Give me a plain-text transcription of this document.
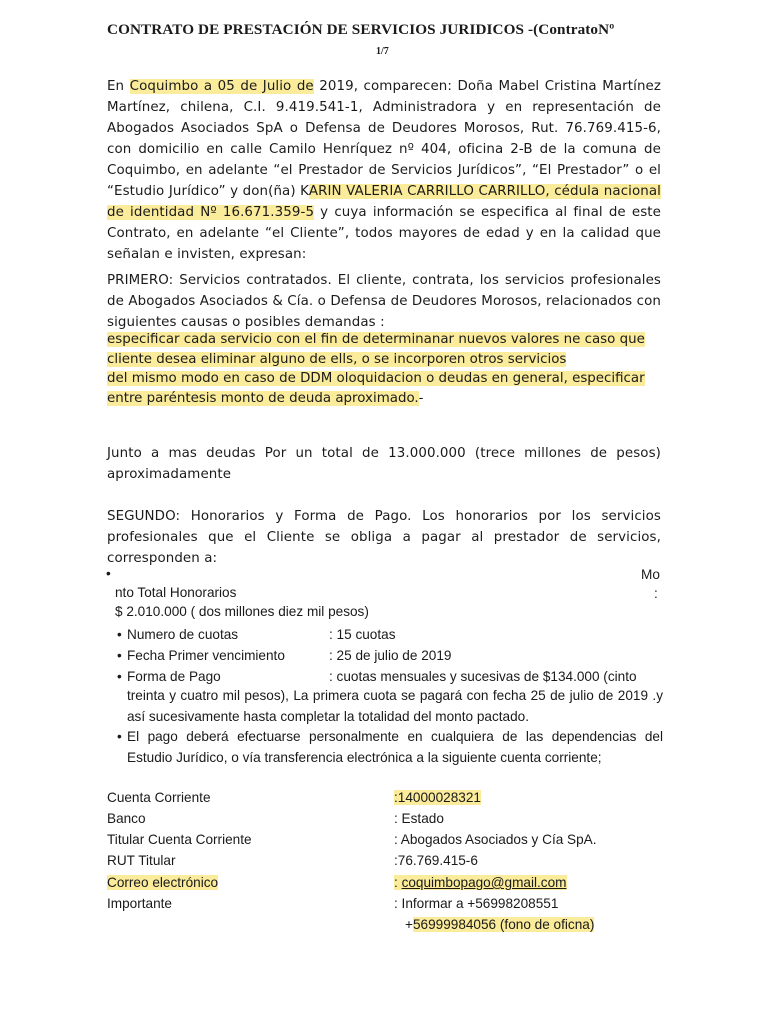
CONTRATO DE PRESTACIÓN DE SERVICIOS JURIDICOS -(ContratoNº
1/7
En Coquimbo a 05 de Julio de 2019, comparecen: Doña Mabel Cristina Martínez Martínez, chilena, C.I. 9.419.541-1, Administradora y en representación de Abogados Asociados SpA o Defensa de Deudores Morosos, Rut. 76.769.415-6, con domicilio en calle Camilo Henríquez nº 404, oficina 2-B de la comuna de Coquimbo, en adelante “el Prestador de Servicios Jurídicos”, “El Prestador” o el “Estudio Jurídico” y don(ña) KARIN VALERIA CARRILLO CARRILLO, cédula nacional de identidad Nº 16.671.359-5 y cuya información se especifica al final de este Contrato, en adelante “el Cliente”, todos mayores de edad y en la calidad que señalan e invisten, expresan:
PRIMERO: Servicios contratados. El cliente, contrata, los servicios profesionales de Abogados Asociados & Cía. o Defensa de Deudores Morosos, relacionados con siguientes causas o posibles demandas :
especificar cada servicio con el fin de determinanar nuevos valores ne caso que
cliente desea eliminar alguno de ells, o se incorporen otros servicios
del mismo modo en caso de DDM oloquidacion o deudas en general, especificar
entre paréntesis monto de deuda aproximado.-
Junto a mas deudas Por un total de 13.000.000 (trece millones de pesos) aproximadamente
SEGUNDO: Honorarios y Forma de Pago. Los honorarios por los servicios profesionales que el Cliente se obliga a pagar al prestador de servicios, corresponden a:
•	Mo
nto Total Honorarios	:
$ 2.010.000 ( dos millones diez mil pesos)
• Numero de cuotas	: 15 cuotas
• Fecha Primer vencimiento	: 25 de julio de 2019
• Forma de Pago	: cuotas mensuales y sucesivas de $134.000 (cinto
treinta y cuatro mil pesos), La primera cuota se pagará con fecha 25 de julio de 2019 .y así sucesivamente hasta completar la totalidad del monto pactado.
• El pago deberá efectuarse personalmente en cualquiera de las dependencias del Estudio Jurídico, o vía transferencia electrónica a la siguiente cuenta corriente;
Cuenta Corriente	:14000028321
Banco	: Estado
Titular Cuenta Corriente	: Abogados Asociados y Cía SpA.
RUT Titular	:76.769.415-6
Correo electrónico	: coquimbopago@gmail.com
Importante	: Informar a +56998208551
+56999984056 (fono de oficna)
